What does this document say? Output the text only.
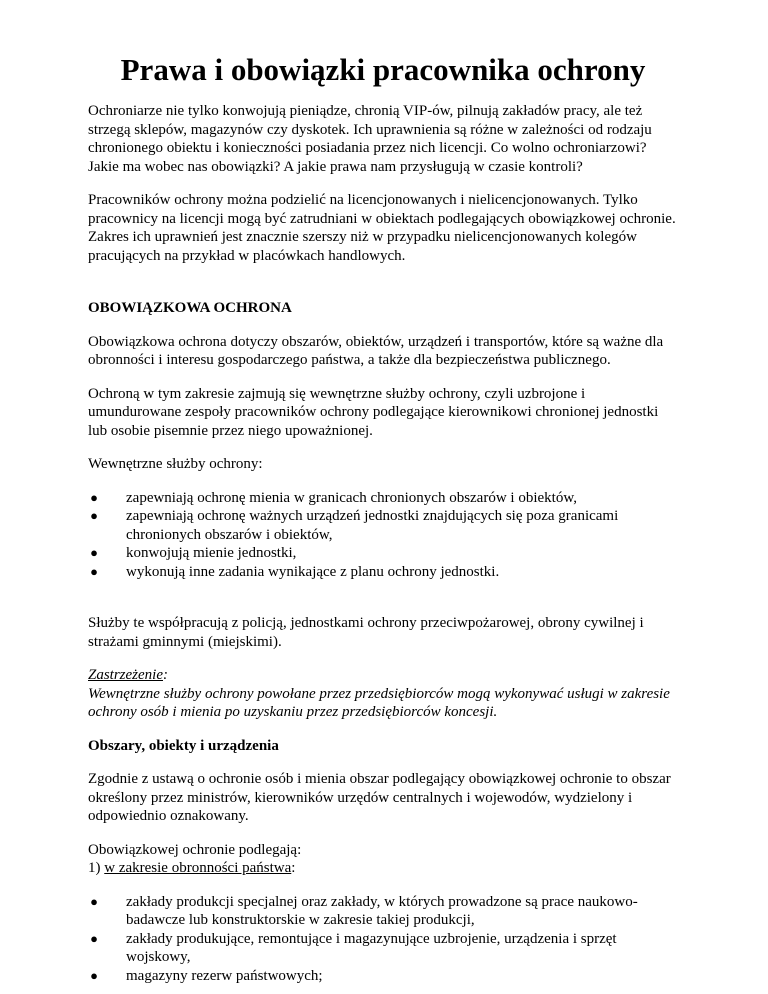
Prawa i obowiązki pracownika ochrony

Ochroniarze nie tylko konwojują pieniądze, chronią VIP-ów, pilnują zakładów pracy, ale też strzegą sklepów, magazynów czy dyskotek. Ich uprawnienia są różne w zależności od rodzaju chronionego obiektu i konieczności posiadania przez nich licencji. Co wolno ochroniarzowi? Jakie ma wobec nas obowiązki? A jakie prawa nam przysługują w czasie kontroli?

Pracowników ochrony można podzielić na licencjonowanych i nielicencjonowanych. Tylko pracownicy na licencji mogą być zatrudniani w obiektach podlegających obowiązkowej ochronie. Zakres ich uprawnień jest znacznie szerszy niż w przypadku nielicencjonowanych kolegów pracujących na przykład w placówkach handlowych.

OBOWIĄZKOWA OCHRONA

Obowiązkowa ochrona dotyczy obszarów, obiektów, urządzeń i transportów, które są ważne dla obronności i interesu gospodarczego państwa, a także dla bezpieczeństwa publicznego.

Ochroną w tym zakresie zajmują się wewnętrzne służby ochrony, czyli uzbrojone i umundurowane zespoły pracowników ochrony podlegające kierownikowi chronionej jednostki lub osobie pisemnie przez niego upoważnionej.

Wewnętrzne służby ochrony:

● zapewniają ochronę mienia w granicach chronionych obszarów i obiektów,
● zapewniają ochronę ważnych urządzeń jednostki znajdujących się poza granicami chronionych obszarów i obiektów,
● konwojują mienie jednostki,
● wykonują inne zadania wynikające z planu ochrony jednostki.

Służby te współpracują z policją, jednostkami ochrony przeciwpożarowej, obrony cywilnej i strażami gminnymi (miejskimi).

Zastrzeżenie:
Wewnętrzne służby ochrony powołane przez przedsiębiorców mogą wykonywać usługi w zakresie ochrony osób i mienia po uzyskaniu przez przedsiębiorców koncesji.

Obszary, obiekty i urządzenia

Zgodnie z ustawą o ochronie osób i mienia obszar podlegający obowiązkowej ochronie to obszar określony przez ministrów, kierowników urzędów centralnych i wojewodów, wydzielony i odpowiednio oznakowany.

Obowiązkowej ochronie podlegają:

1) w zakresie obronności państwa:

● zakłady produkcji specjalnej oraz zakłady, w których prowadzone są prace naukowo-badawcze lub konstruktorskie w zakresie takiej produkcji,
● zakłady produkujące, remontujące i magazynujące uzbrojenie, urządzenia i sprzęt wojskowy,
● magazyny rezerw państwowych;
